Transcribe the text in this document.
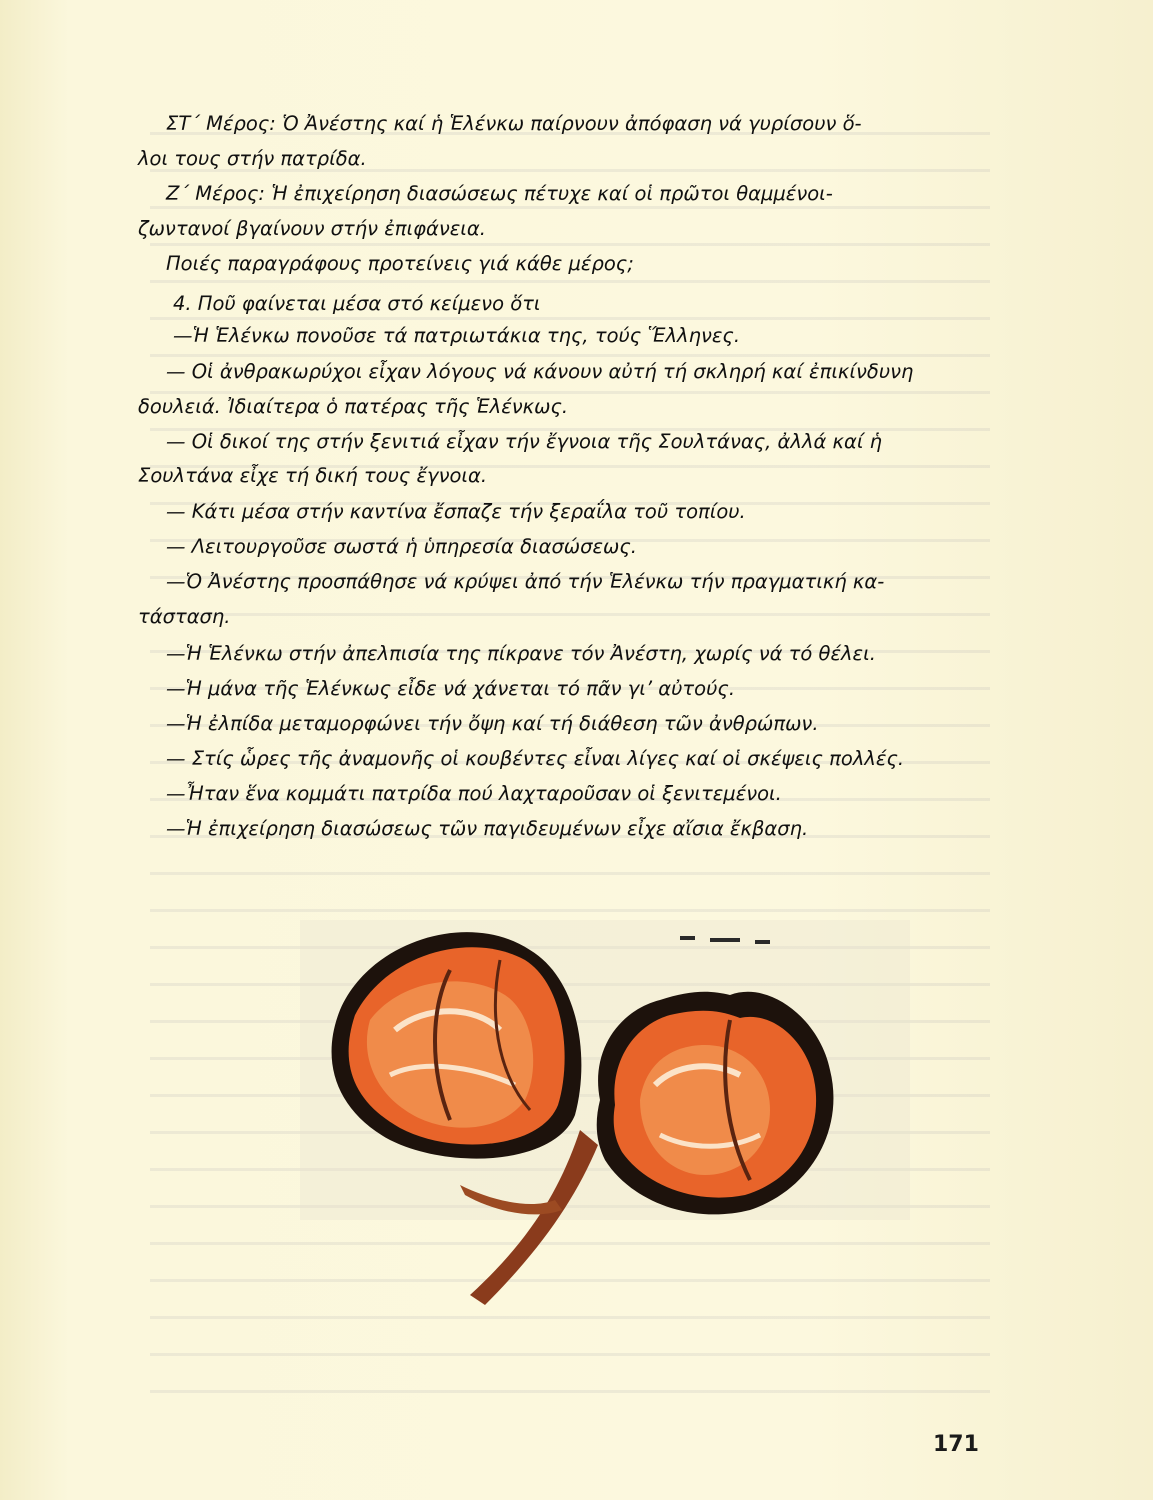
ΣΤ΄ Μέρος: Ὁ Ἀνέστης καί ἡ Ἑλένκω παίρνουν ἀπόφαση νά γυρίσουν ὅ-
λοι τους στήν πατρίδα.
Ζ΄ Μέρος: Ἡ ἐπιχείρηση διασώσεως πέτυχε καί οἱ πρῶτοι θαμμένοι-
ζωντανοί βγαίνουν στήν ἐπιφάνεια.
Ποιές παραγράφους προτείνεις γιά κάθε μέρος;
4. Ποῦ φαίνεται μέσα στό κείμενο ὅτι
—Ἡ Ἑλένκω πονοῦσε τά πατριωτάκια της, τούς Ἕλληνες.
— Οἱ ἀνθρακωρύχοι εἶχαν λόγους νά κάνουν αὐτή τή σκληρή καί ἐπικίνδυνη
δουλειά. Ἰδιαίτερα ὁ πατέρας τῆς Ἑλένκως.
— Οἱ δικοί της στήν ξενιτιά εἶχαν τήν ἔγνοια τῆς Σουλτάνας, ἀλλά καί ἡ
Σουλτάνα εἶχε τή δική τους ἔγνοια.
— Κάτι μέσα στήν καντίνα ἔσπαζε τήν ξεραΐλα τοῦ τοπίου.
— Λειτουργοῦσε σωστά ἡ ὑπηρεσία διασώσεως.
—Ὁ Ἀνέστης προσπάθησε νά κρύψει ἀπό τήν Ἑλένκω τήν πραγματική κα-
τάσταση.
—Ἡ Ἑλένκω στήν ἀπελπισία της πίκρανε τόν Ἀνέστη, χωρίς νά τό θέλει.
—Ἡ μάνα τῆς Ἑλένκως εἶδε νά χάνεται τό πᾶν γι’ αὐτούς.
—Ἡ ἐλπίδα μεταμορφώνει τήν ὄψη καί τή διάθεση τῶν ἀνθρώπων.
— Στίς ὧρες τῆς ἀναμονῆς οἱ κουβέντες εἶναι λίγες καί οἱ σκέψεις πολλές.
—Ἦταν ἕνα κομμάτι πατρίδα πού λαχταροῦσαν οἱ ξενιτεμένοι.
—Ἡ ἐπιχείρηση διασώσεως τῶν παγιδευμένων εἶχε αἴσια ἔκβαση.
171
